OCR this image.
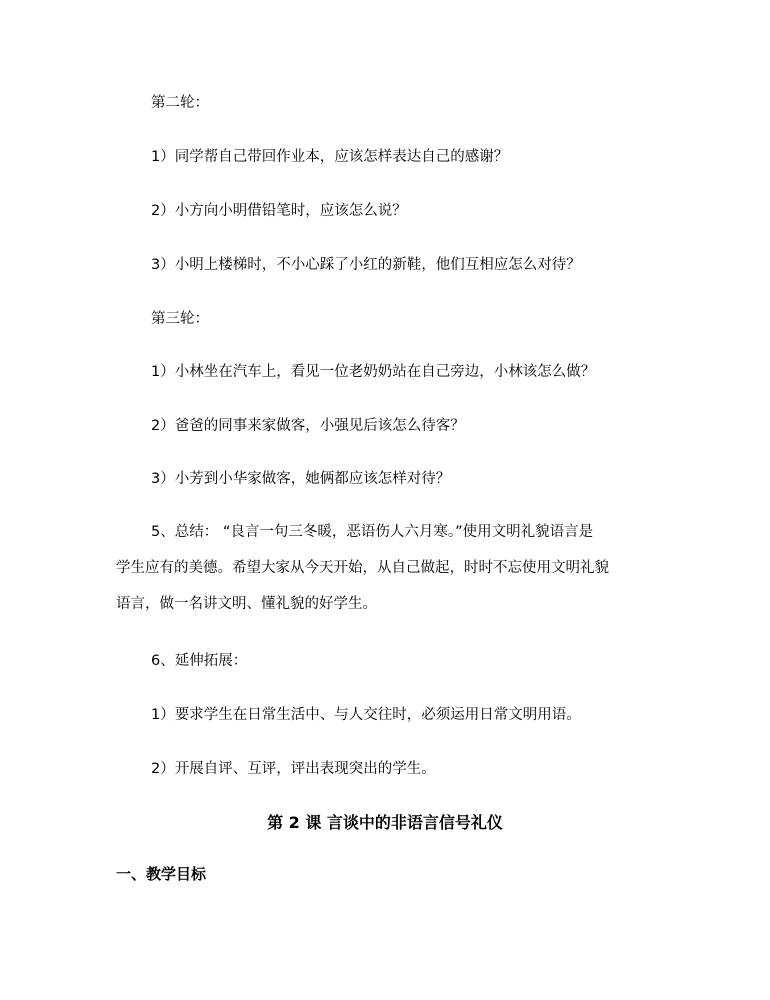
第二轮：
1）同学帮自己带回作业本，应该怎样表达自己的感谢？
2）小方向小明借铅笔时，应该怎么说？
3）小明上楼梯时，不小心踩了小红的新鞋，他们互相应怎么对待？
第三轮：
1）小林坐在汽车上，看见一位老奶奶站在自己旁边，小林该怎么做？
2）爸爸的同事来家做客，小强见后该怎么待客？
3）小芳到小华家做客，她俩都应该怎样对待？
5、总结： “良言一句三冬暖，恶语伤人六月寒。”使用文明礼貌语言是
学生应有的美德。希望大家从今天开始，从自己做起，时时不忘使用文明礼貌
语言，做一名讲文明、懂礼貌的好学生。
6、延伸拓展：
1）要求学生在日常生活中、与人交往时，必须运用日常文明用语。
2）开展自评、互评，评出表现突出的学生。
第 2 课 言谈中的非语言信号礼仪
一、教学目标
